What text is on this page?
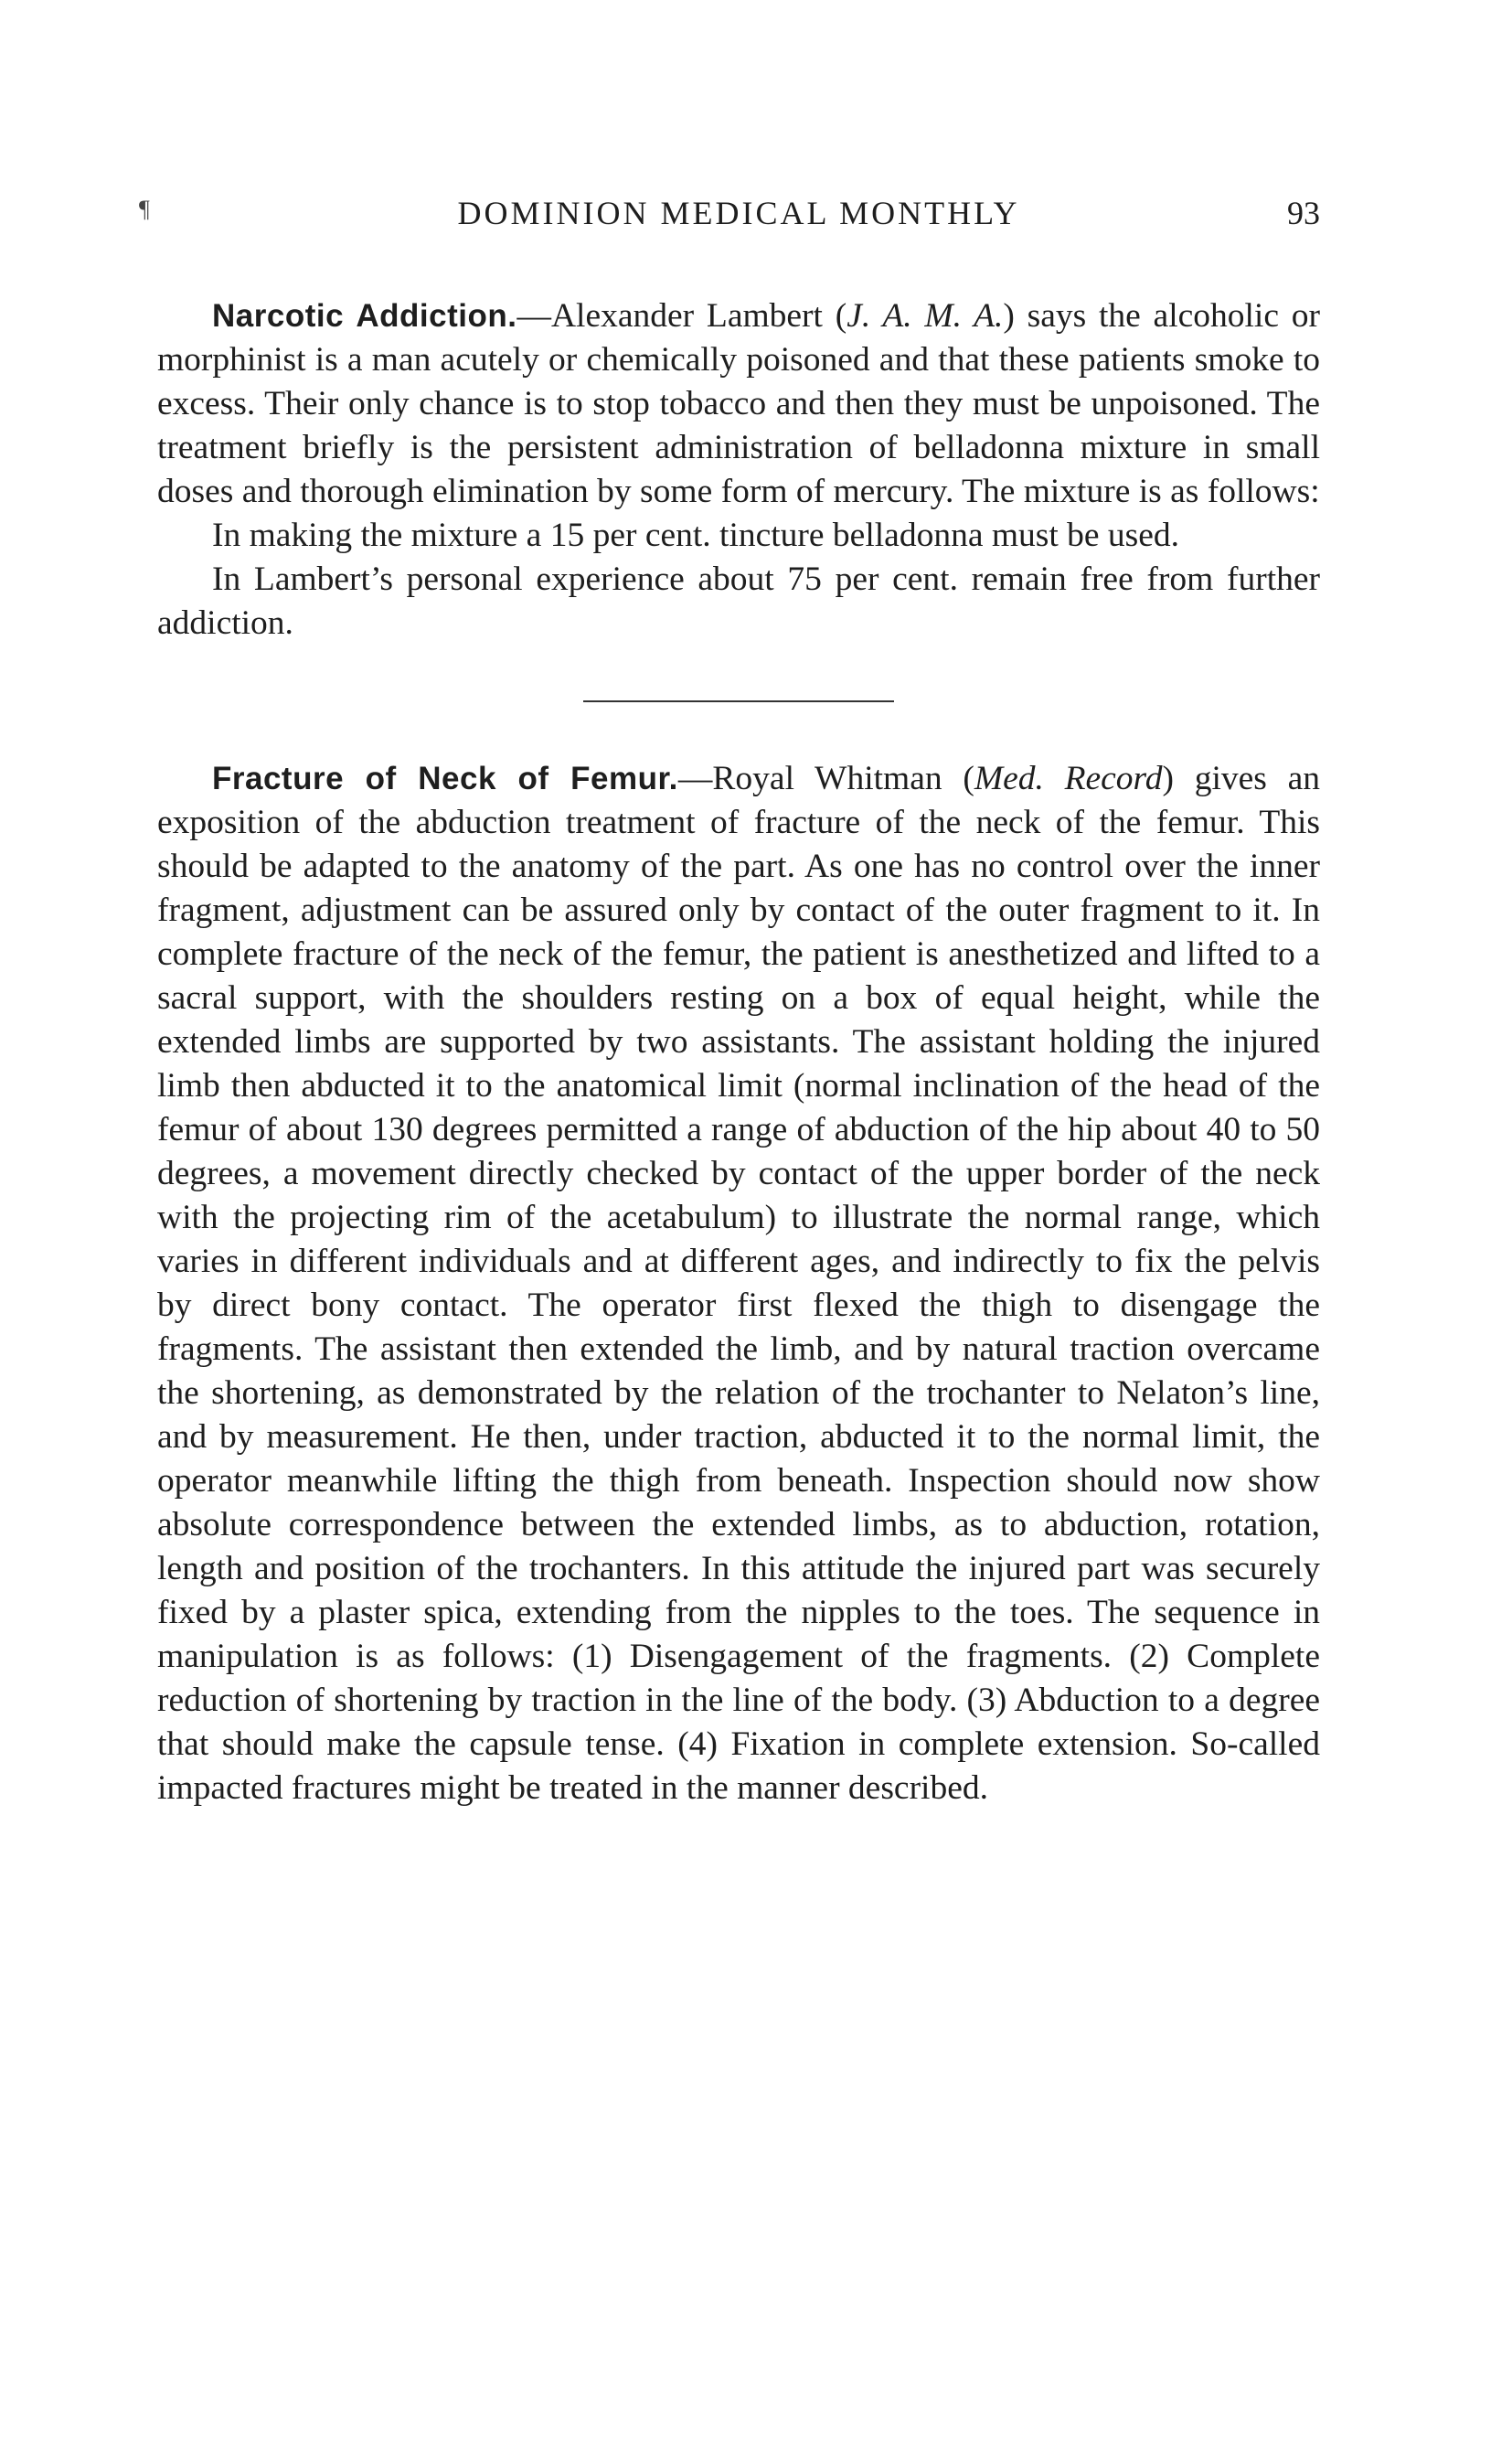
¶	DOMINION MEDICAL MONTHLY	93

Narcotic Addiction.—Alexander Lambert (J. A. M. A.) says the alcoholic or morphinist is a man acutely or chemically poisoned and that these patients smoke to excess. Their only chance is to stop tobacco and then they must be unpoisoned. The treatment briefly is the persistent administration of belladonna mixture in small doses and thorough elimination by some form of mercury. The mixture is as follows:

In making the mixture a 15 per cent. tincture belladonna must be used.

In Lambert’s personal experience about 75 per cent. remain free from further addiction.

Fracture of Neck of Femur.—Royal Whitman (Med. Record) gives an exposition of the abduction treatment of fracture of the neck of the femur. This should be adapted to the anatomy of the part. As one has no control over the inner fragment, adjustment can be assured only by contact of the outer fragment to it. In complete fracture of the neck of the femur, the patient is anesthetized and lifted to a sacral support, with the shoulders resting on a box of equal height, while the extended limbs are supported by two assistants. The assistant holding the injured limb then abducted it to the anatomical limit (normal inclination of the head of the femur of about 130 degrees permitted a range of abduction of the hip about 40 to 50 degrees, a movement directly checked by contact of the upper border of the neck with the projecting rim of the acetabulum) to illustrate the normal range, which varies in different individuals and at different ages, and indirectly to fix the pelvis by direct bony contact. The operator first flexed the thigh to disengage the fragments. The assistant then extended the limb, and by natural traction overcame the shortening, as demonstrated by the relation of the trochanter to Nelaton’s line, and by measurement. He then, under traction, abducted it to the normal limit, the operator meanwhile lifting the thigh from beneath. Inspection should now show absolute correspondence between the extended limbs, as to abduction, rotation, length and position of the trochanters. In this attitude the injured part was securely fixed by a plaster spica, extending from the nipples to the toes. The sequence in manipulation is as follows: (1) Disengagement of the fragments. (2) Complete reduction of shortening by traction in the line of the body. (3) Abduction to a degree that should make the capsule tense. (4) Fixation in complete extension. So-called impacted fractures might be treated in the manner described.
